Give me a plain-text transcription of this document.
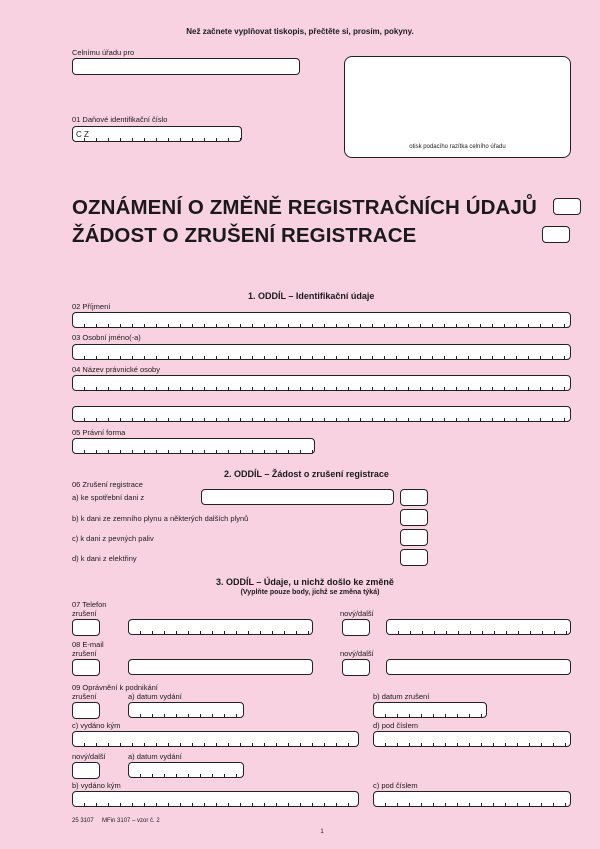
Než začnete vyplňovat tiskopis, přečtěte si, prosím, pokyny.
Celnímu úřadu pro
otisk podacího razítka celního úřadu
01 Daňové identifikační číslo
C Z
OZNÁMENÍ O ZMĚNĚ REGISTRAČNÍCH ÚDAJŮ
ŽÁDOST O ZRUŠENÍ REGISTRACE
1. ODDÍL – Identifikační údaje
02 Příjmení
03 Osobní jméno(-a)
04 Název právnické osoby
05 Právní forma
2. ODDÍL – Žádost o zrušení registrace
06 Zrušení registrace
a) ke spotřební dani z
b) k dani ze zemního plynu a některých dalších plynů
c) k dani z pevných paliv
d) k dani z elektřiny
3. ODDÍL – Údaje, u nichž došlo ke změně
(Vyplňte pouze body, jichž se změna týká)
07 Telefon
zrušení	nový/další
08 E-mail
zrušení	nový/další
09 Oprávnění k podnikání
zrušení	a) datum vydání	b) datum zrušení
c) vydáno kým	d) pod číslem
nový/další	a) datum vydání
b) vydáno kým	c) pod číslem
25 3107     MFin 3107 – vzor č. 2
1
